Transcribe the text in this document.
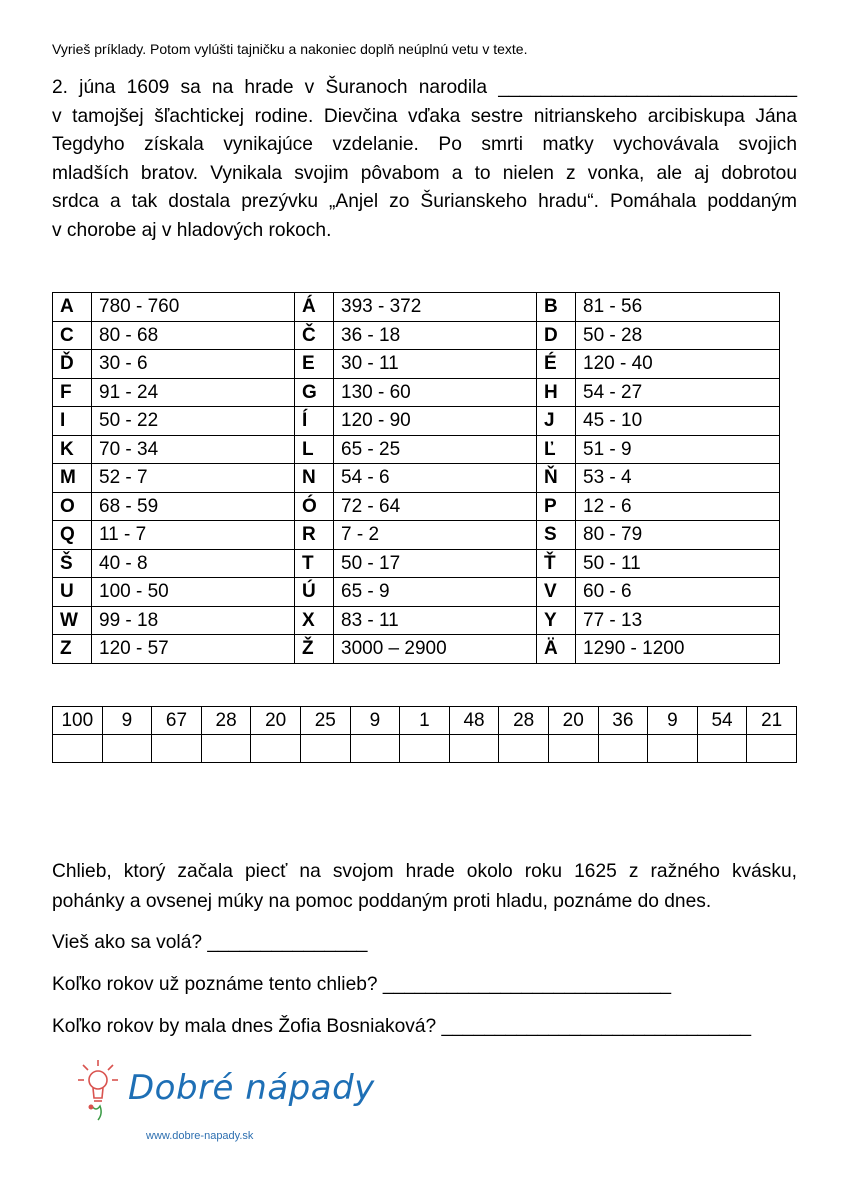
Vyrieš príklady. Potom vylúšti tajničku a nakoniec doplň neúplnú vetu v texte.
2. júna 1609 sa na hrade v Šuranoch narodila ____________________________
v tamojšej šľachtickej rodine. Dievčina vďaka sestre nitrianskeho arcibiskupa Jána
Tegdyho získala vynikajúce vzdelanie. Po smrti matky vychovávala svojich
mladších bratov. Vynikala svojim pôvabom a to nielen z vonka, ale aj dobrotou
srdca a tak dostala prezývku „Anjel zo Šurianskeho hradu“. Pomáhala poddaným
v chorobe aj v hladových rokoch.
A	780 - 760	Á	393 - 372	B	81 - 56
C	80 - 68	Č	36 - 18	D	50 - 28
Ď	30 - 6	E	30 - 11	É	120 - 40
F	91 - 24	G	130 - 60	H	54 - 27
I	50 - 22	Í	120 - 90	J	45 - 10
K	70 - 34	L	65 - 25	Ľ	51 - 9
M	52 - 7	N	54 - 6	Ň	53 - 4
O	68 - 59	Ó	72 - 64	P	12 - 6
Q	11 - 7	R	7 - 2	S	80 - 79
Š	40 - 8	T	50 - 17	Ť	50 - 11
U	100 - 50	Ú	65 - 9	V	60 - 6
W	99 - 18	X	83 - 11	Y	77 - 13
Z	120 - 57	Ž	3000 – 2900	Ä	1290 - 1200
100	9	67	28	20	25	9	1	48	28	20	36	9	54	21

Chlieb, ktorý začala piecť na svojom hrade okolo roku 1625 z ražného kvásku,
pohánky a ovsenej múky na pomoc poddaným proti hladu, poznáme do dnes.
Vieš ako sa volá? _______________
Koľko rokov už poznáme tento chlieb? ___________________________
Koľko rokov by mala dnes Žofia Bosniaková? _____________________________
Dobré nápady
www.dobre-napady.sk
